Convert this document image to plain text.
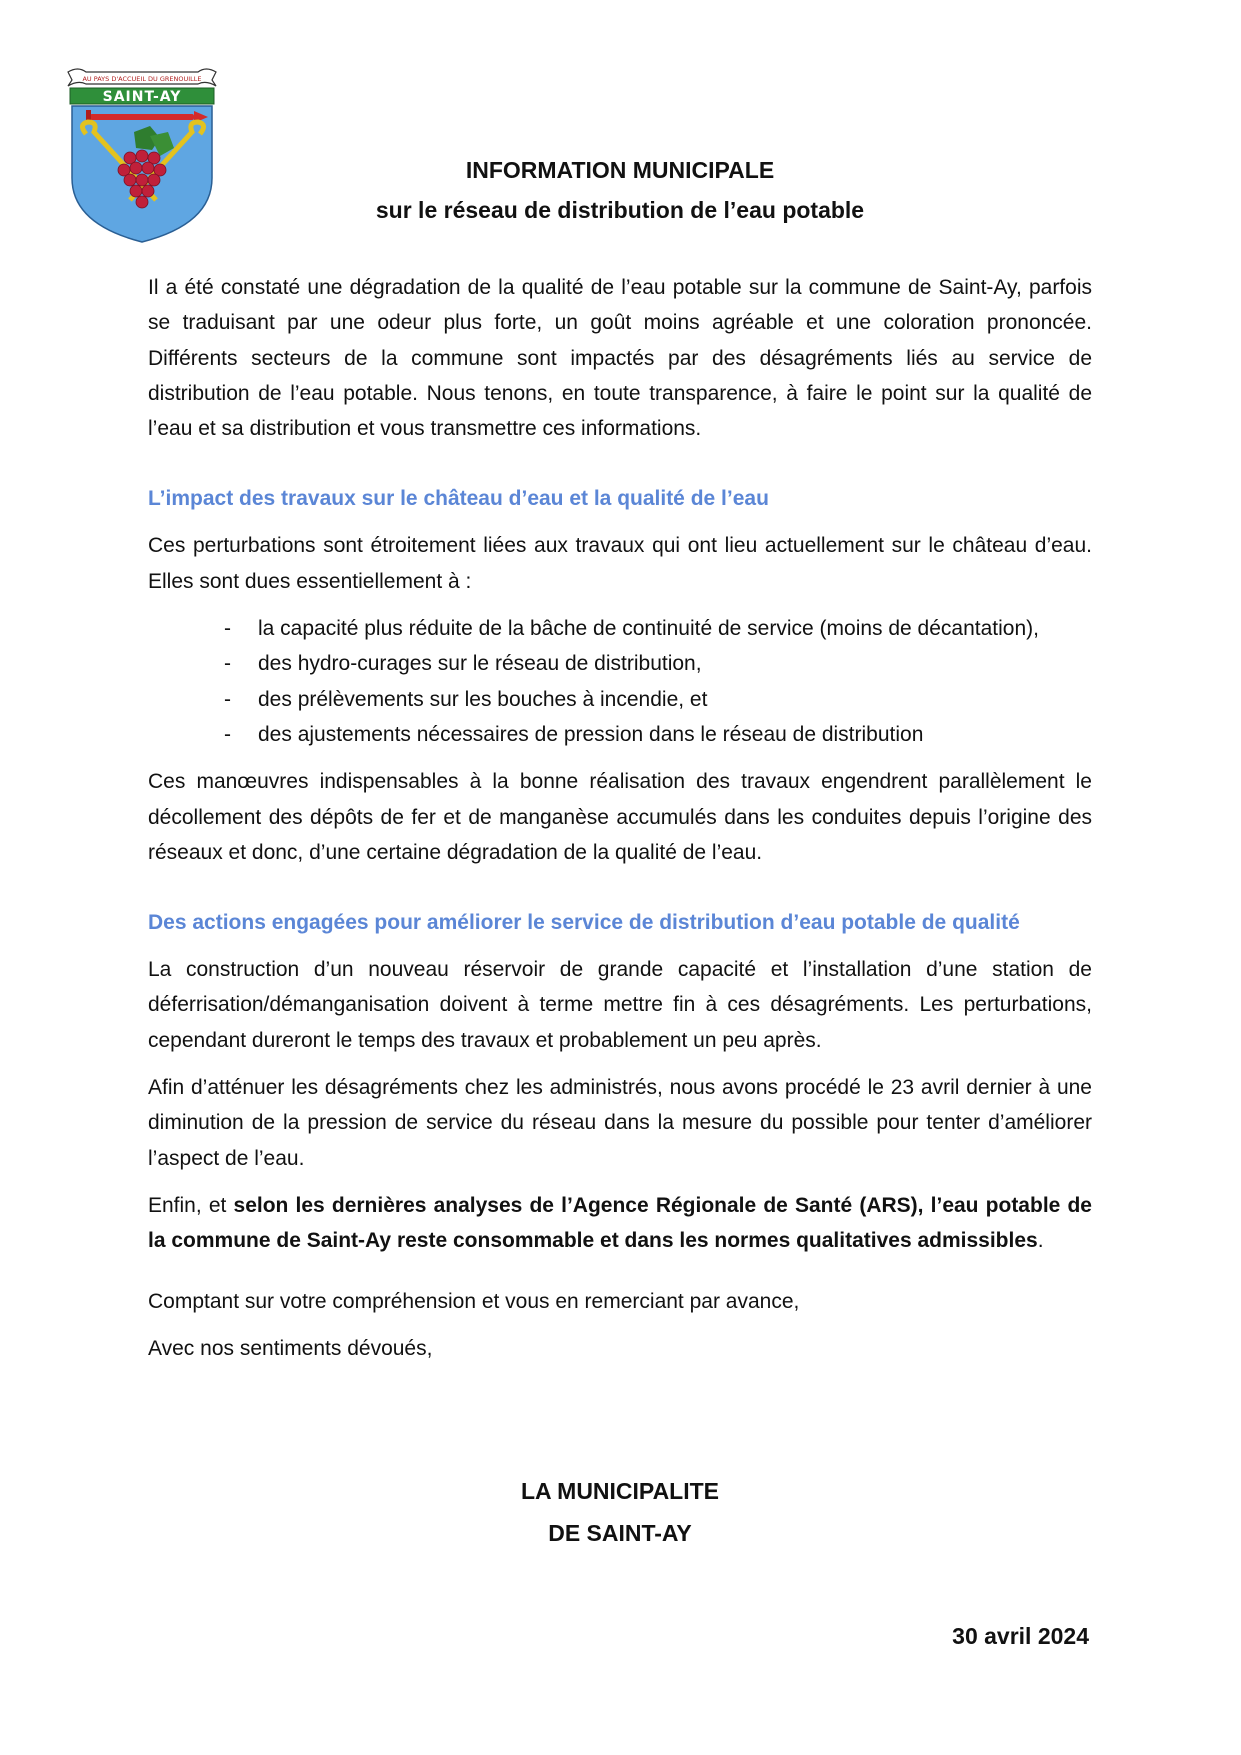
AU PAYS D'ACCUEIL DU GRENOUILLE
SAINT-AY
INFORMATION MUNICIPALE
sur le réseau de distribution de l’eau potable

Il a été constaté une dégradation de la qualité de l’eau potable sur la commune de Saint-Ay, parfois se traduisant par une odeur plus forte, un goût moins agréable et une coloration prononcée. Différents secteurs de la commune sont impactés par des désagréments liés au service de distribution de l’eau potable. Nous tenons, en toute transparence, à faire le point sur la qualité de l’eau et sa distribution et vous transmettre ces informations.

L’impact des travaux sur le château d’eau et la qualité de l’eau

Ces perturbations sont étroitement liées aux travaux qui ont lieu actuellement sur le château d’eau. Elles sont dues essentiellement à :

- la capacité plus réduite de la bâche de continuité de service (moins de décantation),
- des hydro-curages sur le réseau de distribution,
- des prélèvements sur les bouches à incendie, et
- des ajustements nécessaires de pression dans le réseau de distribution

Ces manœuvres indispensables à la bonne réalisation des travaux engendrent parallèlement le décollement des dépôts de fer et de manganèse accumulés dans les conduites depuis l’origine des réseaux et donc, d’une certaine dégradation de la qualité de l’eau.

Des actions engagées pour améliorer le service de distribution d’eau potable de qualité

La construction d’un nouveau réservoir de grande capacité et l’installation d’une station de déferrisation/démanganisation doivent à terme mettre fin à ces désagréments. Les perturbations, cependant dureront le temps des travaux et probablement un peu après.

Afin d’atténuer les désagréments chez les administrés, nous avons procédé le 23 avril dernier à une diminution de la pression de service du réseau dans la mesure du possible pour tenter d’améliorer l’aspect de l’eau.

Enfin, et selon les dernières analyses de l’Agence Régionale de Santé (ARS), l’eau potable de la commune de Saint-Ay reste consommable et dans les normes qualitatives admissibles.

Comptant sur votre compréhension et vous en remerciant par avance,

Avec nos sentiments dévoués,

LA MUNICIPALITE
DE SAINT-AY
30 avril 2024
